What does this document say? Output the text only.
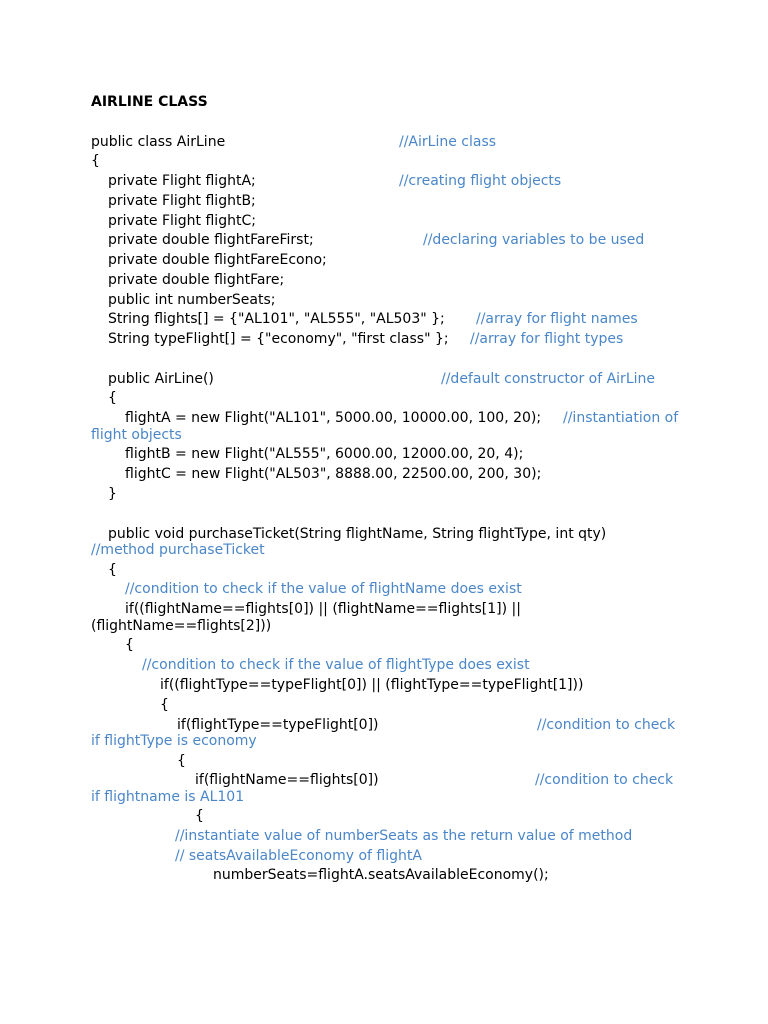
AIRLINE CLASS
public class AirLine	//AirLine class
{
private Flight flightA;	//creating flight objects
private Flight flightB;
private Flight flightC;
private double flightFareFirst;	//declaring variables to be used
private double flightFareEcono;
private double flightFare;
public int numberSeats;
String flights[] = {"AL101", "AL555", "AL503" }; //array for flight names
String typeFlight[] = {"economy", "first class" }; //array for flight types
public AirLine()	//default constructor of AirLine
{
flightA = new Flight("AL101", 5000.00, 10000.00, 100, 20); //instantiation of
flight objects
flightB = new Flight("AL555", 6000.00, 12000.00, 20, 4);
flightC = new Flight("AL503", 8888.00, 22500.00, 200, 30);
}
public void purchaseTicket(String flightName, String flightType, int qty)
//method purchaseTicket
{
//condition to check if the value of flightName does exist
if((flightName==flights[0]) || (flightName==flights[1]) ||
(flightName==flights[2]))
{
//condition to check if the value of flightType does exist
if((flightType==typeFlight[0]) || (flightType==typeFlight[1]))
{
if(flightType==typeFlight[0])	//condition to check
if flightType is economy
{
if(flightName==flights[0])	//condition to check
if flightname is AL101
{
//instantiate value of numberSeats as the return value of method
// seatsAvailableEconomy of flightA
numberSeats=flightA.seatsAvailableEconomy();
